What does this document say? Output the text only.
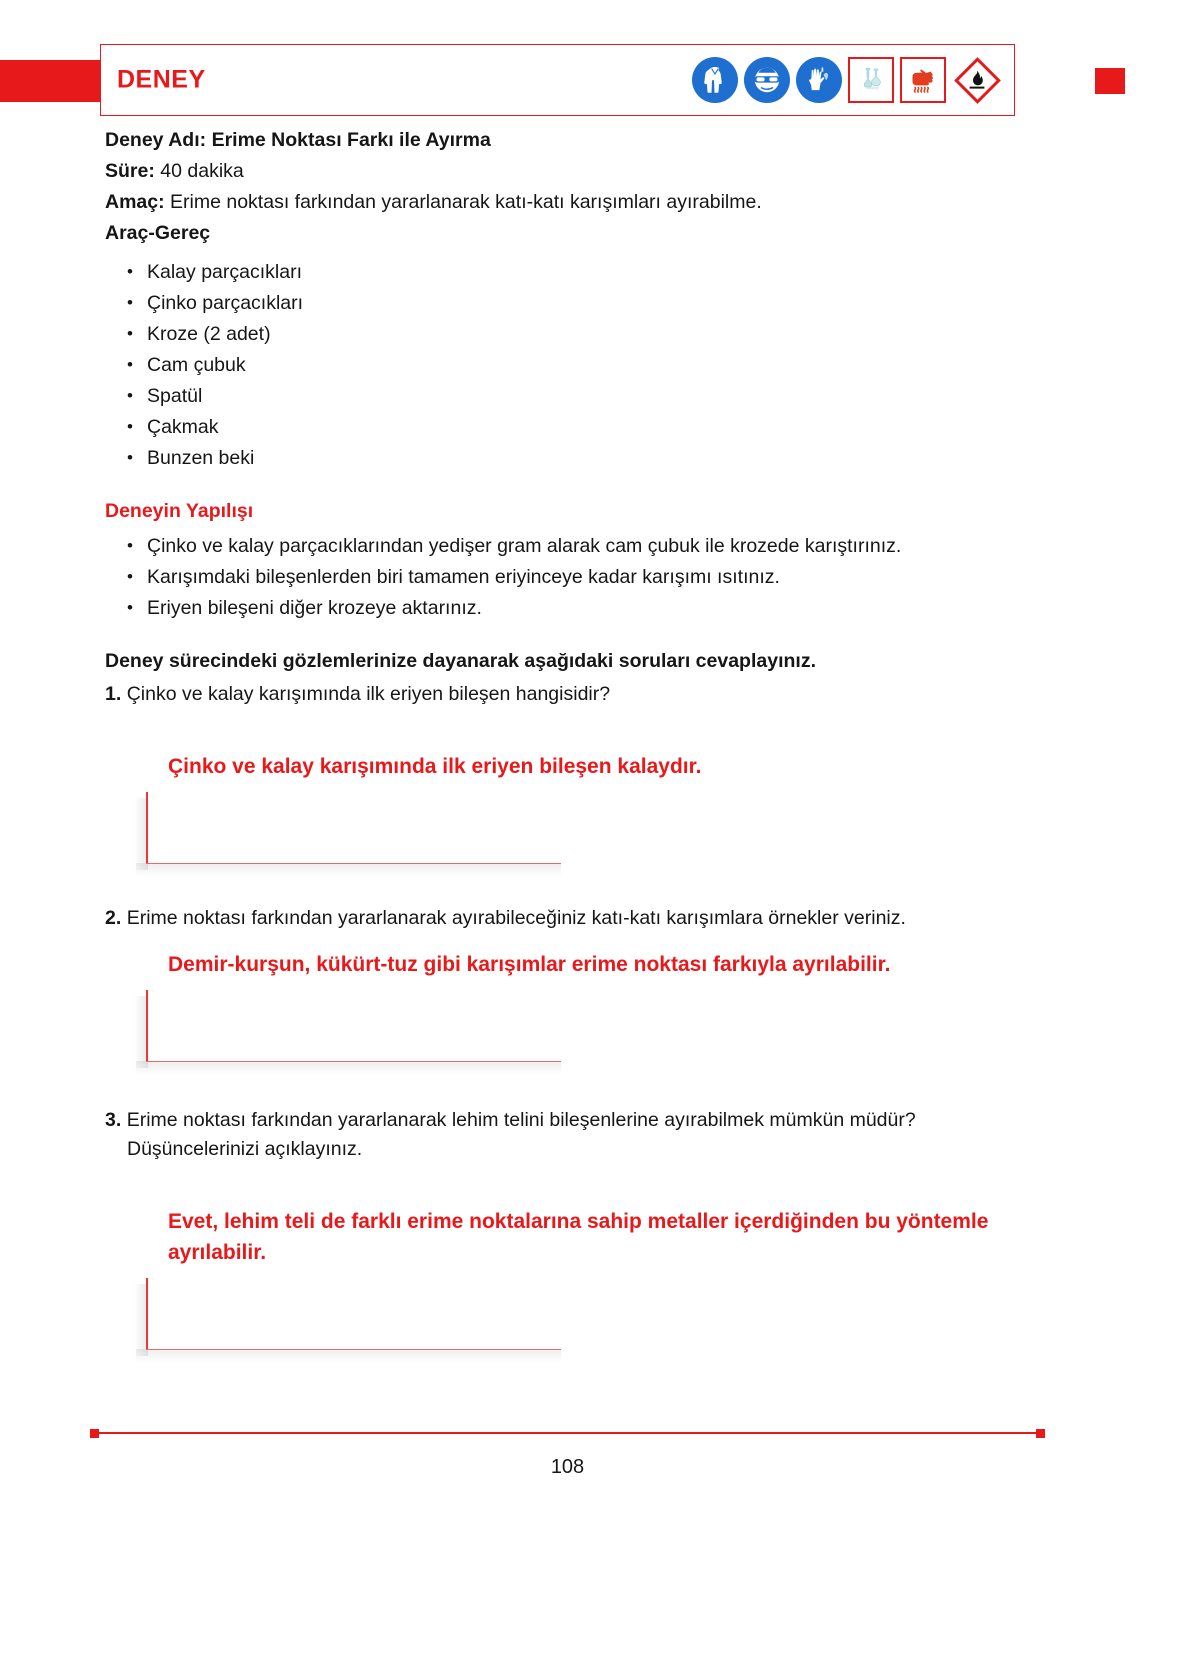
DENEY
Deney Adı: Erime Noktası Farkı ile Ayırma
Süre: 40 dakika
Amaç: Erime noktası farkından yararlanarak katı-katı karışımları ayırabilme.
Araç-Gereç
• Kalay parçacıkları
• Çinko parçacıkları
• Kroze (2 adet)
• Cam çubuk
• Spatül
• Çakmak
• Bunzen beki
Deneyin Yapılışı
• Çinko ve kalay parçacıklarından yedişer gram alarak cam çubuk ile krozede karıştırınız.
• Karışımdaki bileşenlerden biri tamamen eriyinceye kadar karışımı ısıtınız.
• Eriyen bileşeni diğer krozeye aktarınız.
Deney sürecindeki gözlemlerinize dayanarak aşağıdaki soruları cevaplayınız.
1. Çinko ve kalay karışımında ilk eriyen bileşen hangisidir?
Çinko ve kalay karışımında ilk eriyen bileşen kalaydır.
2. Erime noktası farkından yararlanarak ayırabileceğiniz katı-katı karışımlara örnekler veriniz.
Demir-kurşun, kükürt-tuz gibi karışımlar erime noktası farkıyla ayrılabilir.
3. Erime noktası farkından yararlanarak lehim telini bileşenlerine ayırabilmek mümkün müdür? Düşüncelerinizi açıklayınız.
Evet, lehim teli de farklı erime noktalarına sahip metaller içerdiğinden bu yöntemle ayrılabilir.
108
